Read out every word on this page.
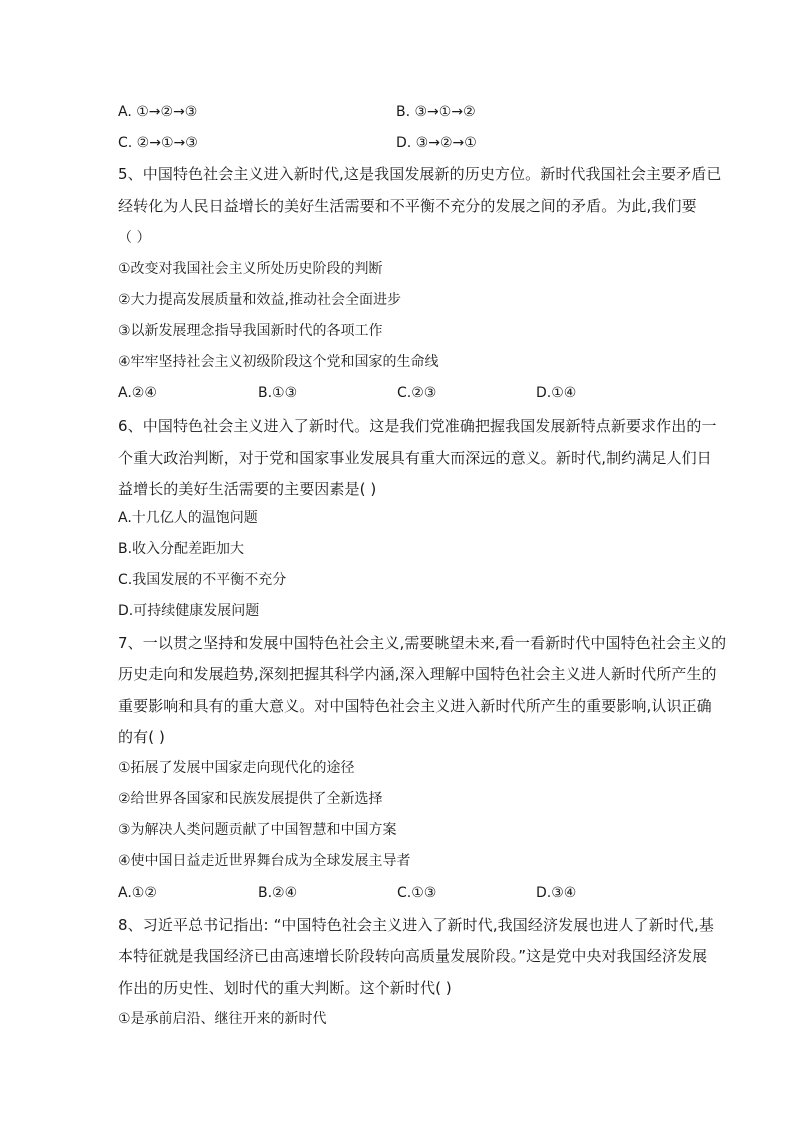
A. ①→②→③	B. ③→①→②
C. ②→①→③	D. ③→②→①
5、中国特色社会主义进入新时代,这是我国发展新的历史方位。新时代我国社会主要矛盾已
经转化为人民日益增长的美好生活需要和不平衡不充分的发展之间的矛盾。为此,我们要
（ ）
①改变对我国社会主义所处历史阶段的判断
②大力提高发展质量和效益,推动社会全面进步
③以新发展理念指导我国新时代的各项工作
④牢牢坚持社会主义初级阶段这个党和国家的生命线
A.②④	B.①③	C.②③	D.①④
6、中国特色社会主义进入了新时代。这是我们党准确把握我国发展新特点新要求作出的一
个重大政治判断，对于党和国家事业发展具有重大而深远的意义。新时代,制约满足人们日
益增长的美好生活需要的主要因素是( )
A.十几亿人的温饱问题
B.收入分配差距加大
C.我国发展的不平衡不充分
D.可持续健康发展问题
7、一以贯之坚持和发展中国特色社会主义,需要眺望未来,看一看新时代中国特色社会主义的
历史走向和发展趋势,深刻把握其科学内涵,深入理解中国特色社会主义进人新时代所产生的
重要影响和具有的重大意义。对中国特色社会主义进入新时代所产生的重要影响,认识正确
的有( )
①拓展了发展中国家走向现代化的途径
②给世界各国家和民族发展提供了全新选择
③为解决人类问题贡献了中国智慧和中国方案
④使中国日益走近世界舞台成为全球发展主导者
A.①②	B.②④	C.①③	D.③④
8、习近平总书记指出: “中国特色社会主义进入了新时代,我国经济发展也进人了新时代,基
本特征就是我国经济已由高速增长阶段转向高质量发展阶段。”这是党中央对我国经济发展
作出的历史性、划时代的重大判断。这个新时代( )
①是承前启沿、继往开来的新时代
